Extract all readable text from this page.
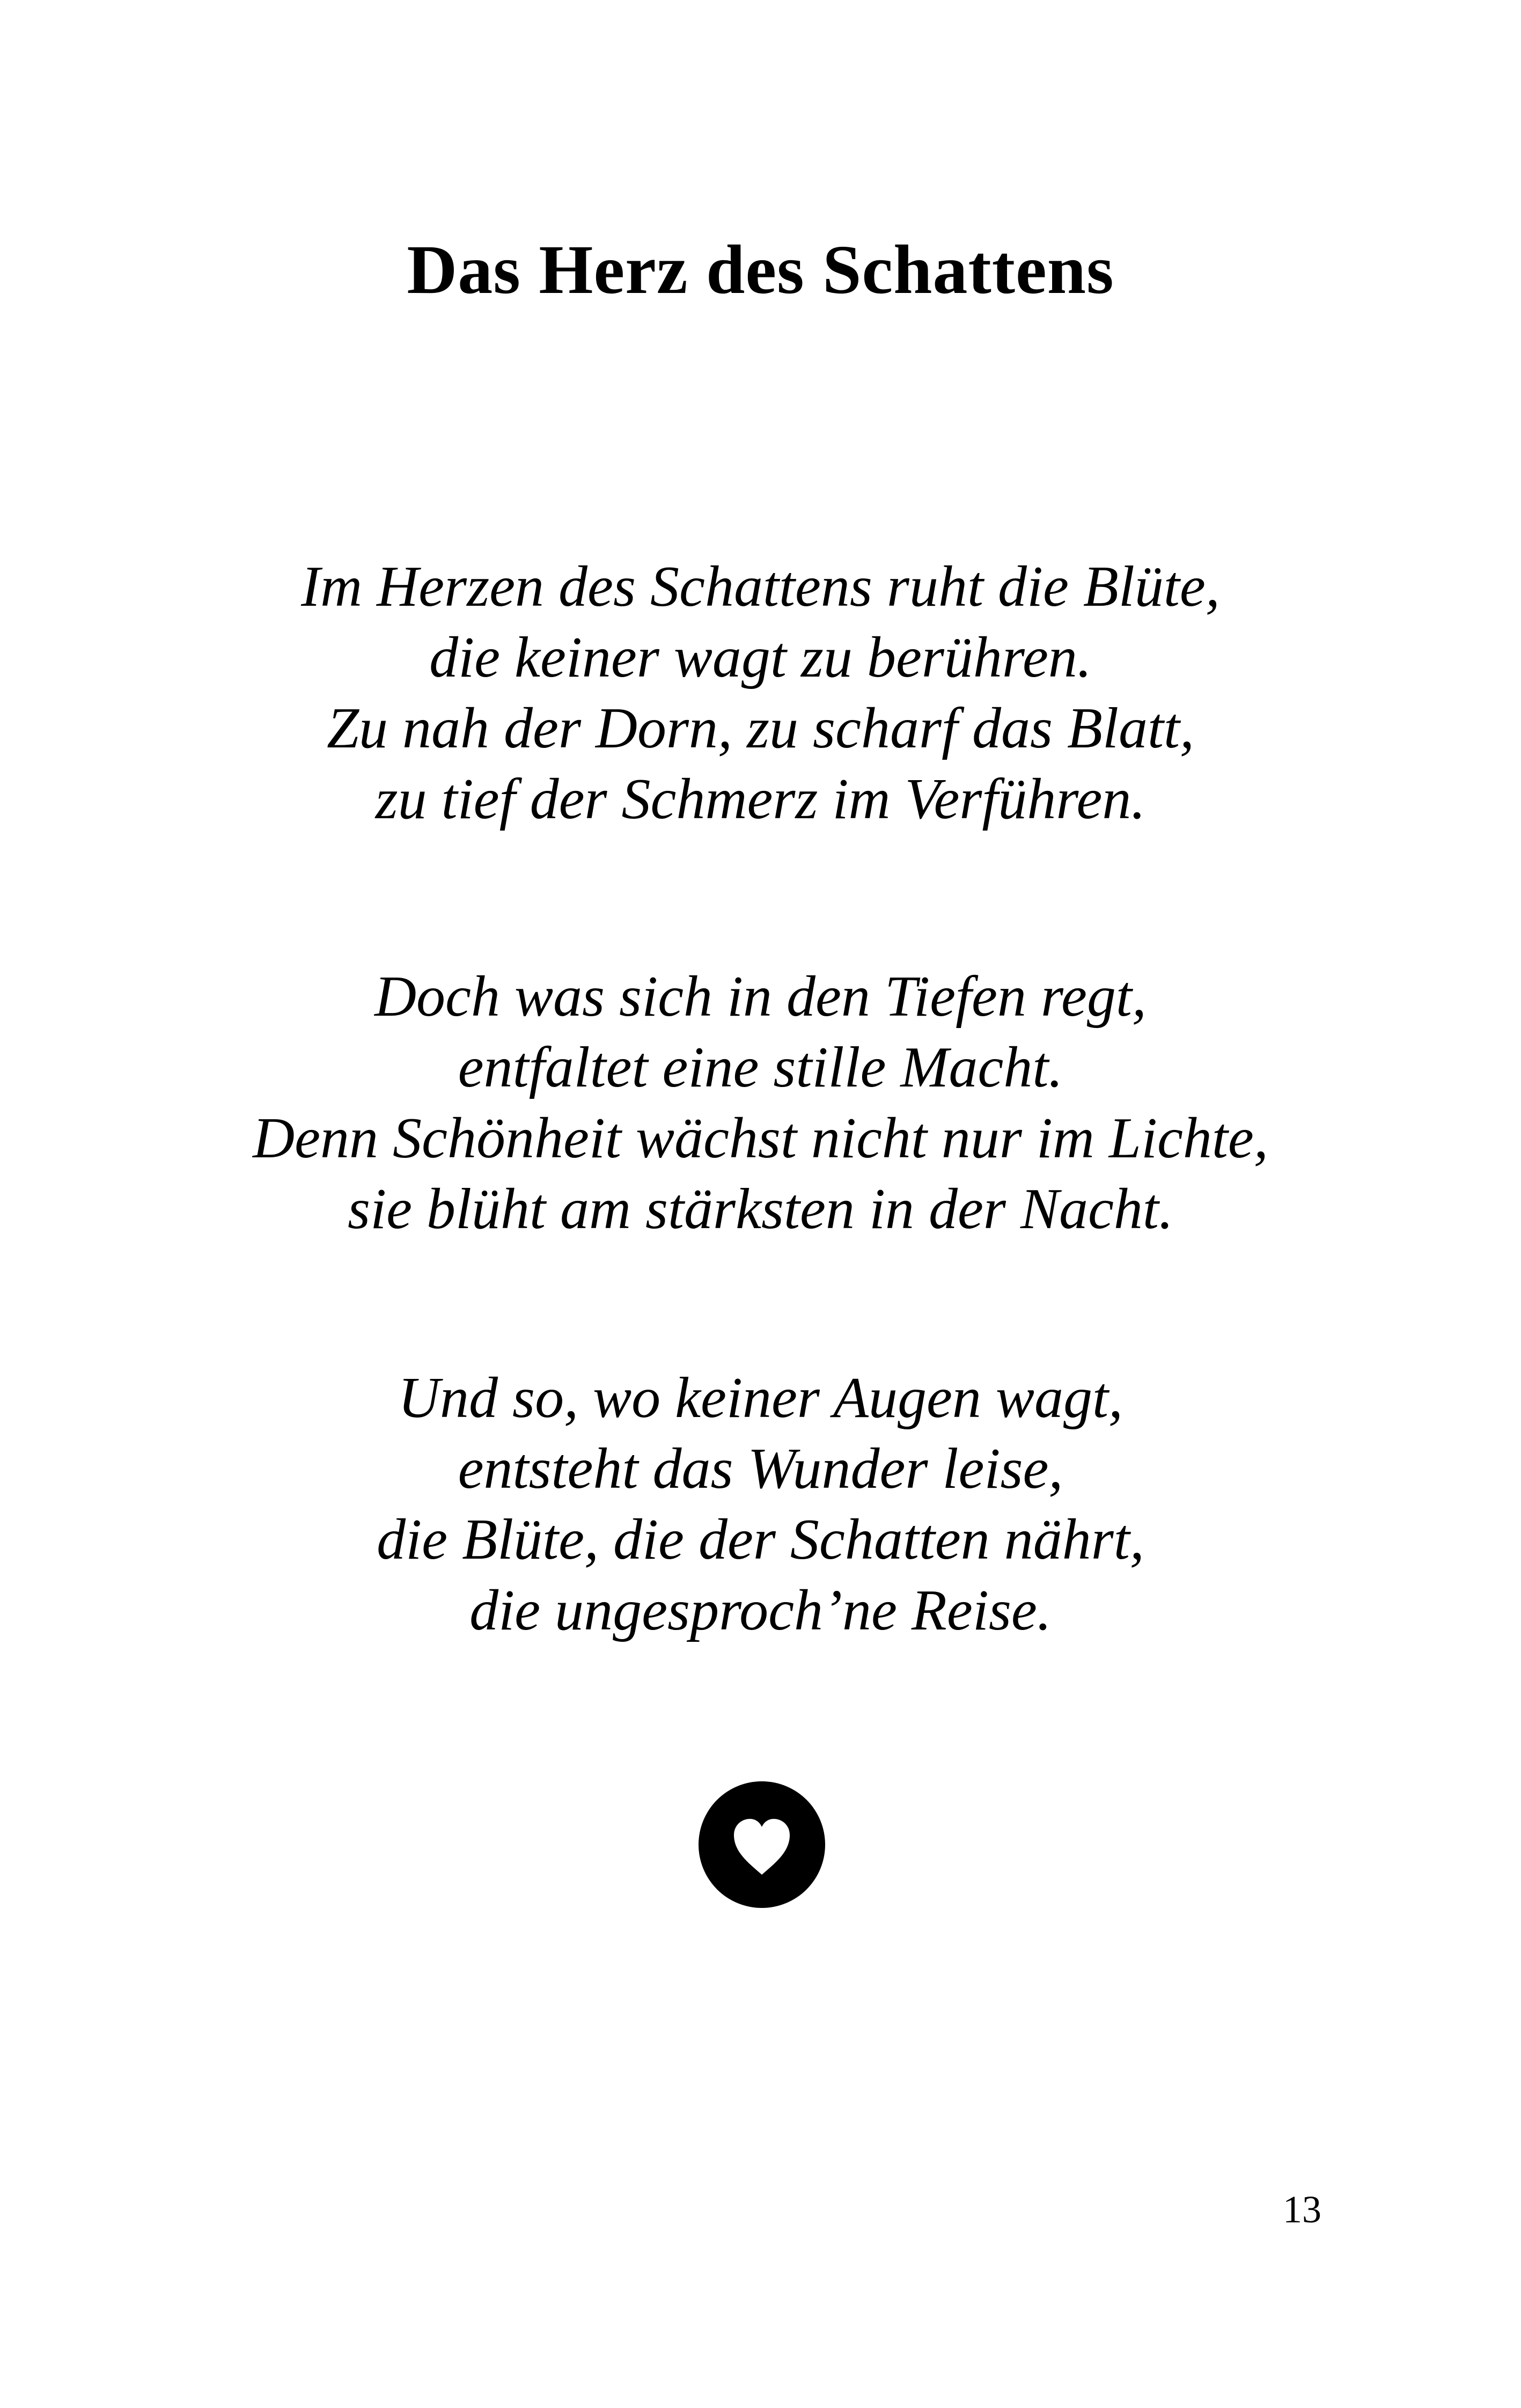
Das Herz des Schattens

Im Herzen des Schattens ruht die Blüte,
die keiner wagt zu berühren.
Zu nah der Dorn, zu scharf das Blatt,
zu tief der Schmerz im Verführen.

Doch was sich in den Tiefen regt,
entfaltet eine stille Macht.
Denn Schönheit wächst nicht nur im Lichte,
sie blüht am stärksten in der Nacht.

Und so, wo keiner Augen wagt,
entsteht das Wunder leise,
die Blüte, die der Schatten nährt,
die ungesproch’ne Reise.

13
